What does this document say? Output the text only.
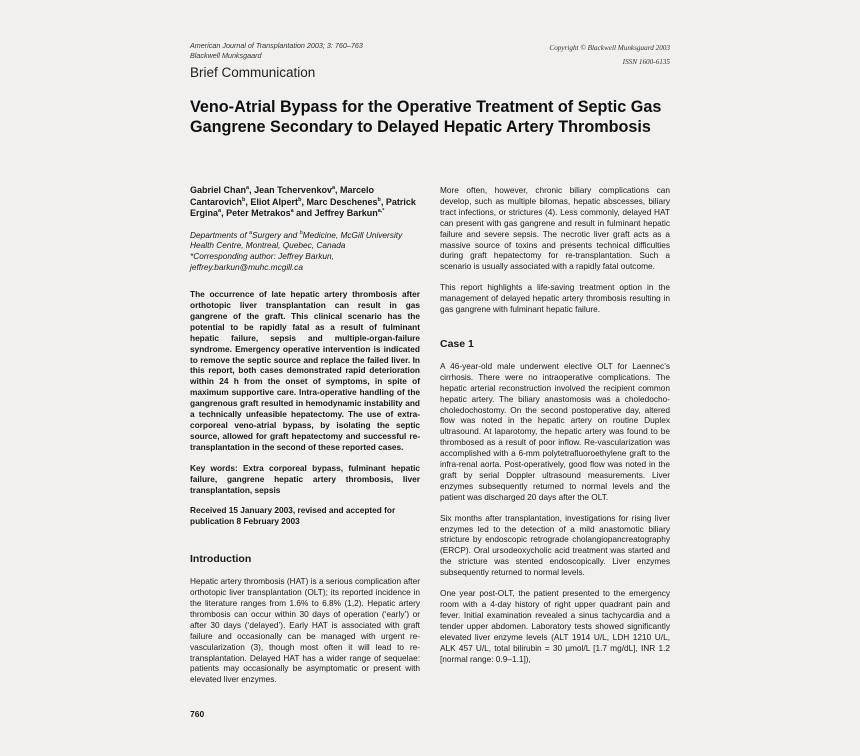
American Journal of Transplantation 2003; 3: 760–763
Blackwell Munksgaard
Copyright © Blackwell Munksgaard 2003
ISSN 1600-6135
Brief Communication
Veno-Atrial Bypass for the Operative Treatment of Septic Gas Gangrene Secondary to Delayed Hepatic Artery Thrombosis

Gabriel Chan$^a$, Jean Tchervenkov$^a$, Marcelo Cantarovich$^b$, Eliot Alpert$^b$, Marc Deschenes$^b$, Patrick Ergina$^a$, Peter Metrakos$^a$ and Jeffrey Barkun$^{a,*}$

Departments of $^a$Surgery and $^b$Medicine, McGill University Health Centre, Montreal, Quebec, Canada
*Corresponding author: Jeffrey Barkun, jeffrey.barkun@muhc.mcgill.ca

The occurrence of late hepatic artery thrombosis after orthotopic liver transplantation can result in gas gangrene of the graft. This clinical scenario has the potential to be rapidly fatal as a result of fulminant hepatic failure, sepsis and multiple-organ-failure syndrome. Emergency operative intervention is indicated to remove the septic source and replace the failed liver. In this report, both cases demonstrated rapid deterioration within 24 h from the onset of symptoms, in spite of maximum supportive care. Intra-operative handling of the gangrenous graft resulted in hemodynamic instability and a technically unfeasible hepatectomy. The use of extra-corporeal veno-atrial bypass, by isolating the septic source, allowed for graft hepatectomy and successful re-transplantation in the second of these reported cases.

Key words: Extra corporeal bypass, fulminant hepatic failure, gangrene hepatic artery thrombosis, liver transplantation, sepsis

Received 15 January 2003, revised and accepted for publication 8 February 2003

Introduction

Hepatic artery thrombosis (HAT) is a serious complication after orthotopic liver transplantation (OLT); its reported incidence in the literature ranges from 1.6% to 6.8% (1,2). Hepatic artery thrombosis can occur within 30 days of operation (‘early’) or after 30 days (‘delayed’). Early HAT is associated with graft failure and occasionally can be managed with urgent re-vascularization (3), though most often it will lead to re-transplantation. Delayed HAT has a wider range of sequelae: patients may occasionally be asymptomatic or present with elevated liver enzymes.

More often, however, chronic biliary complications can develop, such as multiple bilomas, hepatic abscesses, biliary tract infections, or strictures (4). Less commonly, delayed HAT can present with gas gangrene and result in fulminant hepatic failure and severe sepsis. The necrotic liver graft acts as a massive source of toxins and presents technical difficulties during graft hepatectomy for re-transplantation. Such a scenario is usually associated with a rapidly fatal outcome.

This report highlights a life-saving treatment option in the management of delayed hepatic artery thrombosis resulting in gas gangrene with fulminant hepatic failure.

Case 1

A 46-year-old male underwent elective OLT for Laennec’s cirrhosis. There were no intraoperative complications. The hepatic arterial reconstruction involved the recipient common hepatic artery. The biliary anastomosis was a choledocho-choledochostomy. On the second postoperative day, altered flow was noted in the hepatic artery on routine Duplex ultrasound. At laparotomy, the hepatic artery was found to be thrombosed as a result of poor inflow. Re-vascularization was accomplished with a 6-mm polytetrafluoroethylene graft to the infra-renal aorta. Post-operatively, good flow was noted in the graft by serial Doppler ultrasound measurements. Liver enzymes subsequently returned to normal levels and the patient was discharged 20 days after the OLT.

Six months after transplantation, investigations for rising liver enzymes led to the detection of a mild anastomotic biliary stricture by endoscopic retrograde cholangiopancreatography (ERCP). Oral ursodeoxycholic acid treatment was started and the stricture was stented endoscopically. Liver enzymes subsequently returned to normal levels.

One year post-OLT, the patient presented to the emergency room with a 4-day history of right upper quadrant pain and fever. Initial examination revealed a sinus tachycardia and a tender upper abdomen. Laboratory tests showed significantly elevated liver enzyme levels (ALT 1914 U/L, LDH 1210 U/L, ALK 457 U/L, total bilirubin = 30 µmol/L [1.7 mg/dL], INR 1.2 [normal range: 0.9–1.1]),

760
